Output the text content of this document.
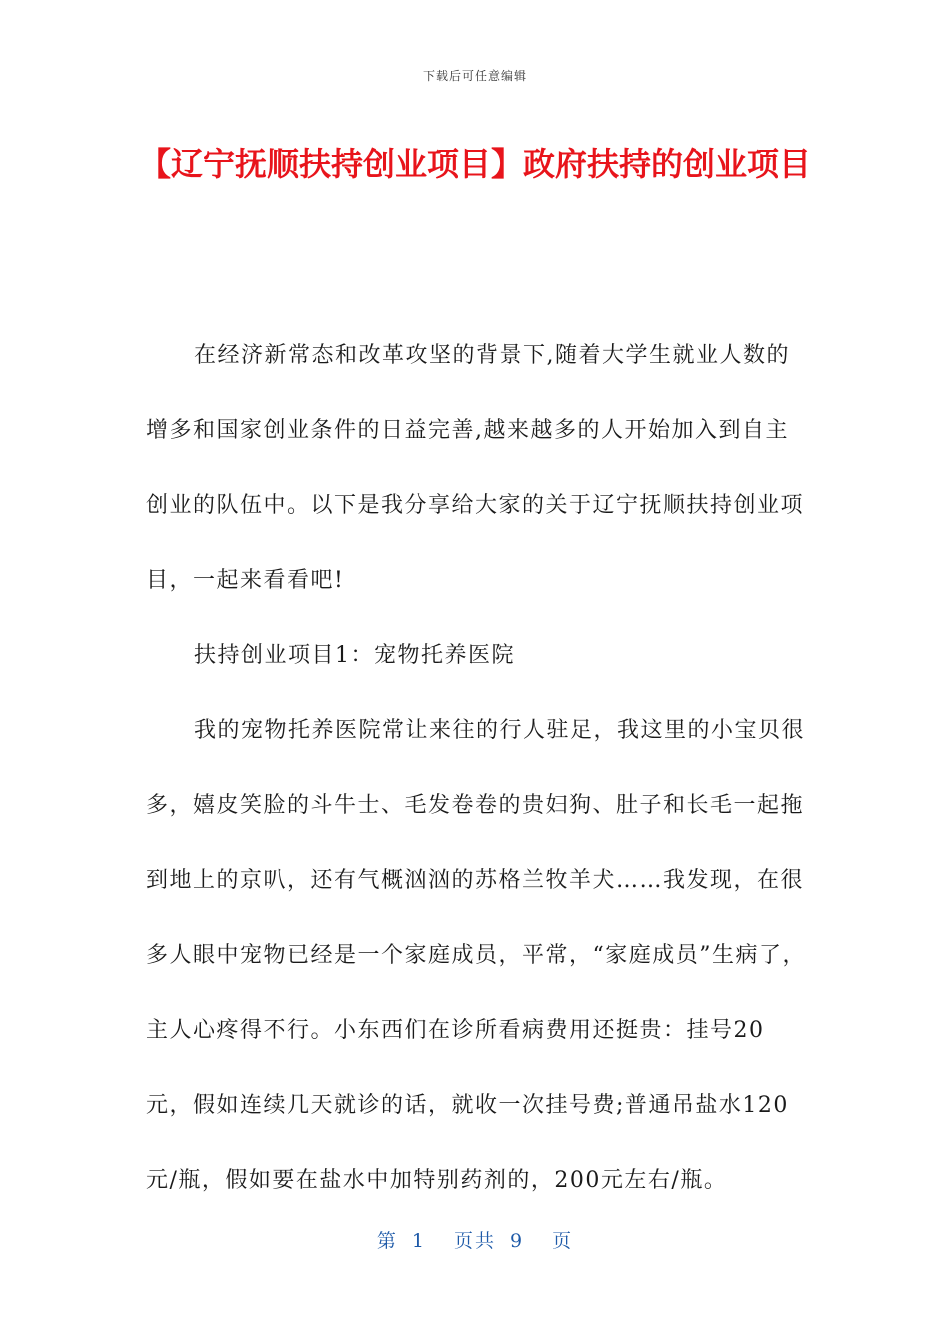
下载后可任意编辑
【辽宁抚顺扶持创业项目】政府扶持的创业项目

在经济新常态和改革攻坚的背景下,随着大学生就业人数的增多和国家创业条件的日益完善,越来越多的人开始加入到自主创业的队伍中。以下是我分享给大家的关于辽宁抚顺扶持创业项目，一起来看看吧!

扶持创业项目1：宠物托养医院

我的宠物托养医院常让来往的行人驻足，我这里的小宝贝很多，嬉皮笑脸的斗牛士、毛发卷卷的贵妇狗、肚子和长毛一起拖到地上的京叭，还有气概汹汹的苏格兰牧羊犬……我发现，在很多人眼中宠物已经是一个家庭成员，平常，“家庭成员”生病了，主人心疼得不行。小东西们在诊所看病费用还挺贵：挂号20元，假如连续几天就诊的话，就收一次挂号费;普通吊盐水120元/瓶，假如要在盐水中加特别药剂的，200元左右/瓶。

第 1 页共 9 页
